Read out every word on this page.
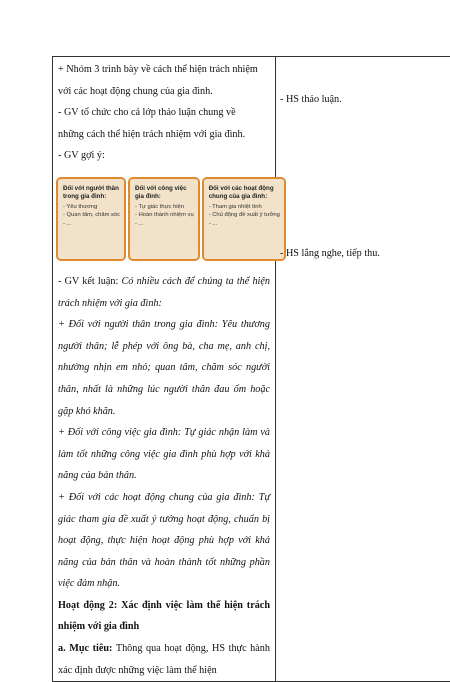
+ Nhóm 3 trình bày về cách thể hiện trách nhiệm

với các hoạt động chung của gia đình.

- GV tổ chức cho cả lớp thảo luận chung về

những cách thể hiện trách nhiệm với gia đình.

- GV gợi ý:

Đối với người thân trong gia đình:
- Yêu thương
- Quan tâm, chăm sóc
- ...
Đối với công việc gia đình:
- Tự giác thực hiện
- Hoàn thành nhiệm vụ
- ...
Đối với các hoạt động chung của gia đình:
- Tham gia nhiệt tình
- Chủ động đề xuất ý tưởng
- ...

- GV kết luận: Có nhiều cách để chúng ta thể hiện trách nhiệm với gia đình:

+ Đối với người thân trong gia đình: Yêu thương người thân; lễ phép với ông bà, cha mẹ, anh chị, nhường nhịn em nhỏ; quan tâm, chăm sóc người thân, nhất là những lúc người thân đau ốm hoặc gặp khó khăn.

+ Đối với công việc gia đình: Tự giác nhận làm và làm tốt những công việc gia đình phù hợp với khả năng của bản thân.

+ Đối với các hoạt động chung của gia đình: Tự giác tham gia đề xuất ý tưởng hoạt động, chuẩn bị hoạt động, thực hiện hoạt động phù hợp với khả năng của bản thân và hoàn thành tốt những phần việc đảm nhận.

Hoạt động 2: Xác định việc làm thể hiện trách nhiệm với gia đình

a. Mục tiêu: Thông qua hoạt động, HS thực hành xác định được những việc làm thể hiện

- HS thảo luận.

- HS lắng nghe, tiếp thu.
